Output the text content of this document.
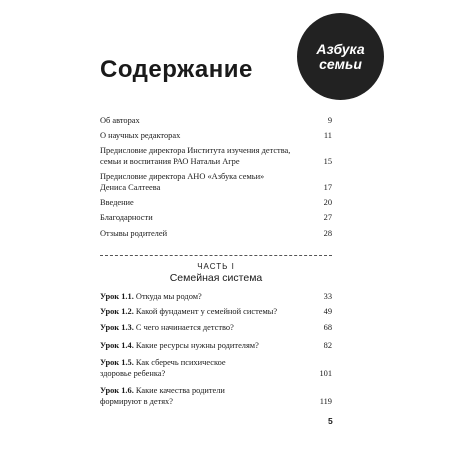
Азбука
семьи
Содержание
Об авторах	9
О научных редакторах	11
Предисловие директора Института изучения детства, семьи и воспитания РАО Натальи Агре	15
Предисловие директора АНО «Азбука семьи» Дениса Салтеева	17
Введение	20
Благодарности	27
Отзывы родителей	28
ЧАСТЬ I
Семейная система
Урок 1.1. Откуда мы родом?	33
Урок 1.2. Какой фундамент у семейной системы?	49
Урок 1.3. С чего начинается детство?	68
Урок 1.4. Какие ресурсы нужны родителям?	82
Урок 1.5. Как сберечь психическое здоровье ребенка?	101
Урок 1.6. Какие качества родители формируют в детях?	119
5
